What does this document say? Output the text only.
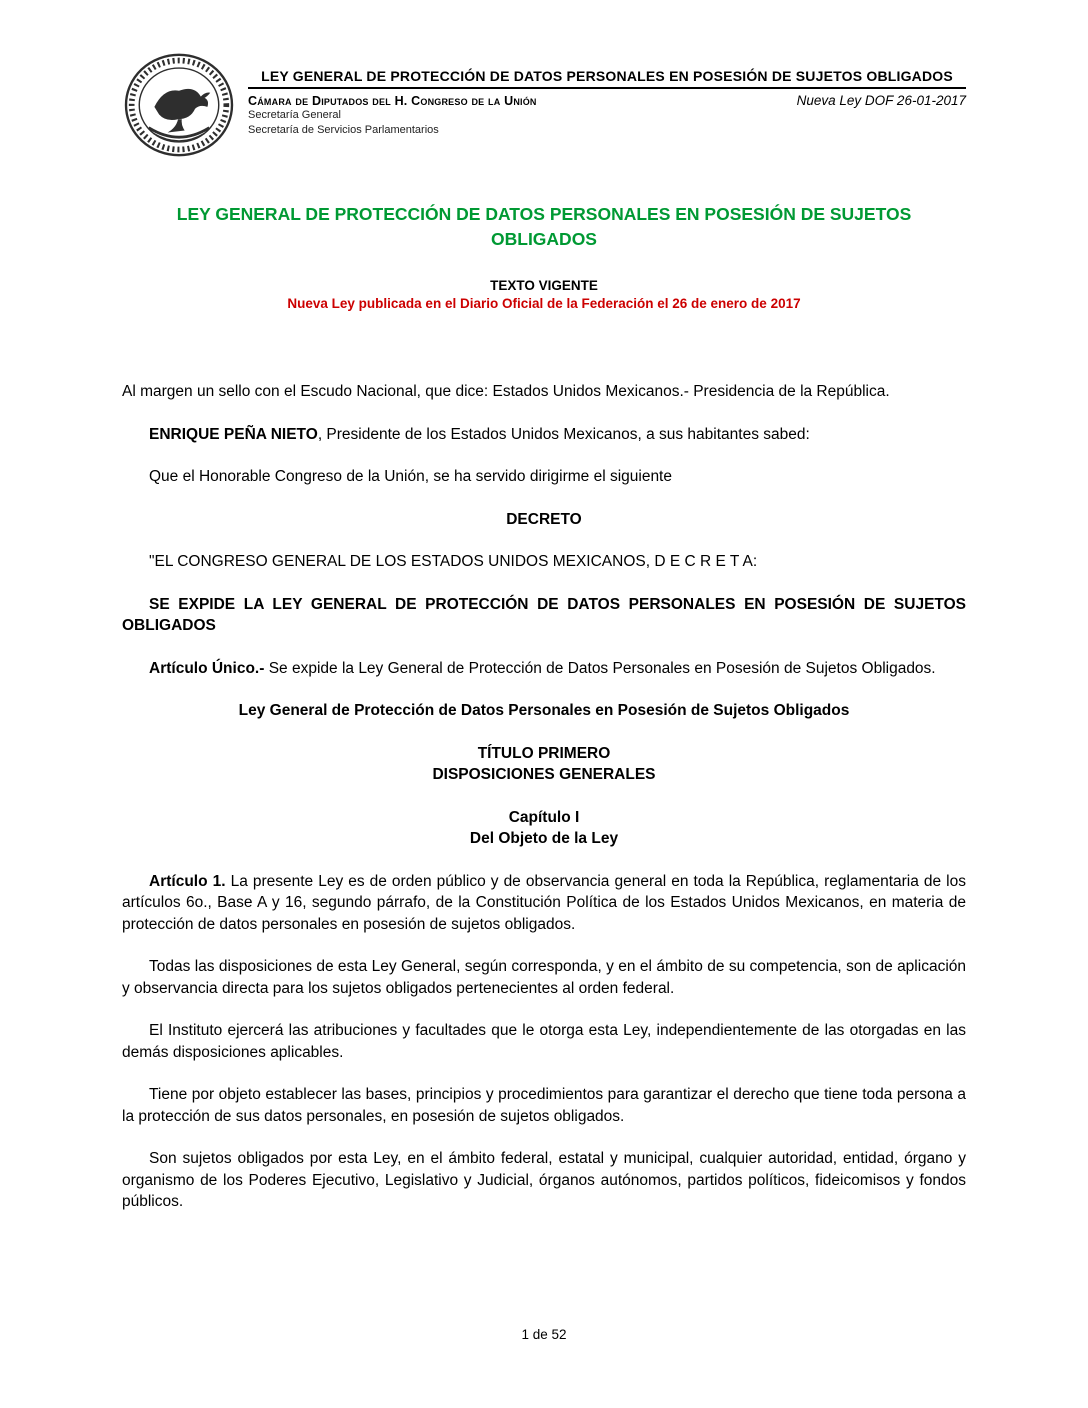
LEY GENERAL DE PROTECCIÓN DE DATOS PERSONALES EN POSESIÓN DE SUJETOS OBLIGADOS
Cámara de Diputados del H. Congreso de la Unión	Nueva Ley DOF 26-01-2017
Secretaría General
Secretaría de Servicios Parlamentarios
LEY GENERAL DE PROTECCIÓN DE DATOS PERSONALES EN POSESIÓN DE SUJETOS OBLIGADOS
TEXTO VIGENTE
Nueva Ley publicada en el Diario Oficial de la Federación el 26 de enero de 2017

Al margen un sello con el Escudo Nacional, que dice: Estados Unidos Mexicanos.- Presidencia de la República.

ENRIQUE PEÑA NIETO, Presidente de los Estados Unidos Mexicanos, a sus habitantes sabed:

Que el Honorable Congreso de la Unión, se ha servido dirigirme el siguiente

DECRETO

"EL CONGRESO GENERAL DE LOS ESTADOS UNIDOS MEXICANOS, D E C R E T A:

SE EXPIDE LA LEY GENERAL DE PROTECCIÓN DE DATOS PERSONALES EN POSESIÓN DE SUJETOS OBLIGADOS

Artículo Único.- Se expide la Ley General de Protección de Datos Personales en Posesión de Sujetos Obligados.

Ley General de Protección de Datos Personales en Posesión de Sujetos Obligados

TÍTULO PRIMERO
DISPOSICIONES GENERALES
Capítulo I
Del Objeto de la Ley

Artículo 1. La presente Ley es de orden público y de observancia general en toda la República, reglamentaria de los artículos 6o., Base A y 16, segundo párrafo, de la Constitución Política de los Estados Unidos Mexicanos, en materia de protección de datos personales en posesión de sujetos obligados.

Todas las disposiciones de esta Ley General, según corresponda, y en el ámbito de su competencia, son de aplicación y observancia directa para los sujetos obligados pertenecientes al orden federal.

El Instituto ejercerá las atribuciones y facultades que le otorga esta Ley, independientemente de las otorgadas en las demás disposiciones aplicables.

Tiene por objeto establecer las bases, principios y procedimientos para garantizar el derecho que tiene toda persona a la protección de sus datos personales, en posesión de sujetos obligados.

Son sujetos obligados por esta Ley, en el ámbito federal, estatal y municipal, cualquier autoridad, entidad, órgano y organismo de los Poderes Ejecutivo, Legislativo y Judicial, órganos autónomos, partidos políticos, fideicomisos y fondos públicos.

1 de 52
